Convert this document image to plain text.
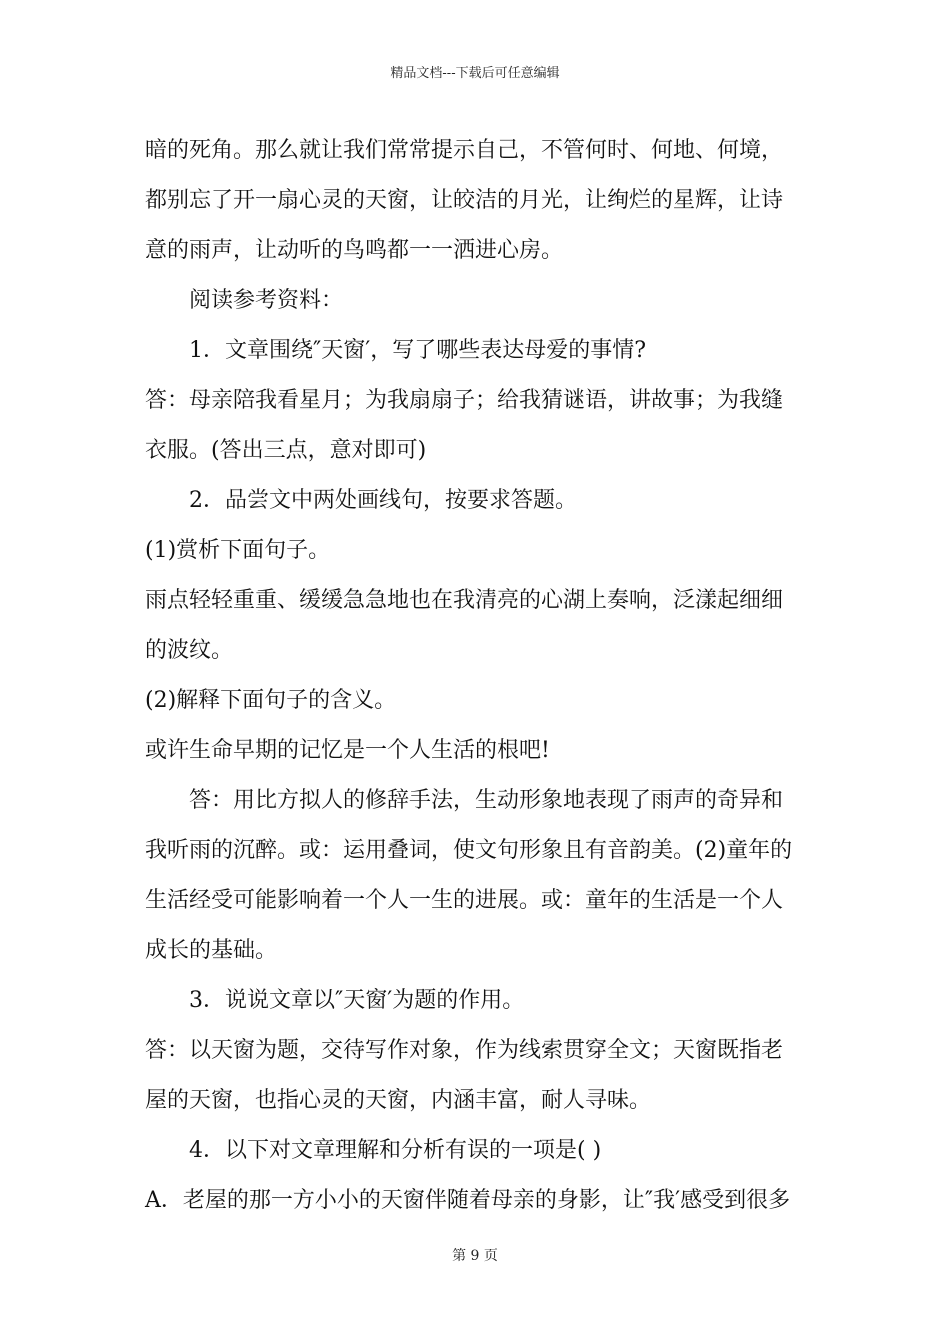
精品文档---下载后可任意编辑
暗的死角。那么就让我们常常提示自己，不管何时、何地、何境，
都别忘了开一扇心灵的天窗，让皎洁的月光，让绚烂的星辉，让诗
意的雨声，让动听的鸟鸣都一一洒进心房。
阅读参考资料：
1．文章围绕″天窗′，写了哪些表达母爱的事情?
答：母亲陪我看星月；为我扇扇子；给我猜谜语，讲故事；为我缝
衣服。(答出三点，意对即可)
2．品尝文中两处画线句，按要求答题。
(1)赏析下面句子。
雨点轻轻重重、缓缓急急地也在我清亮的心湖上奏响，泛漾起细细
的波纹。
(2)解释下面句子的含义。
或许生命早期的记忆是一个人生活的根吧!
答：用比方拟人的修辞手法，生动形象地表现了雨声的奇异和
我听雨的沉醉。或：运用叠词，使文句形象且有音韵美。(2)童年的
生活经受可能影响着一个人一生的进展。或：童年的生活是一个人
成长的基础。
3．说说文章以″天窗′为题的作用。
答：以天窗为题，交待写作对象，作为线索贯穿全文；天窗既指老
屋的天窗，也指心灵的天窗，内涵丰富，耐人寻味。
4．以下对文章理解和分析有误的一项是( )
A．老屋的那一方小小的天窗伴随着母亲的身影，让″我′感受到很多
第 9 页
